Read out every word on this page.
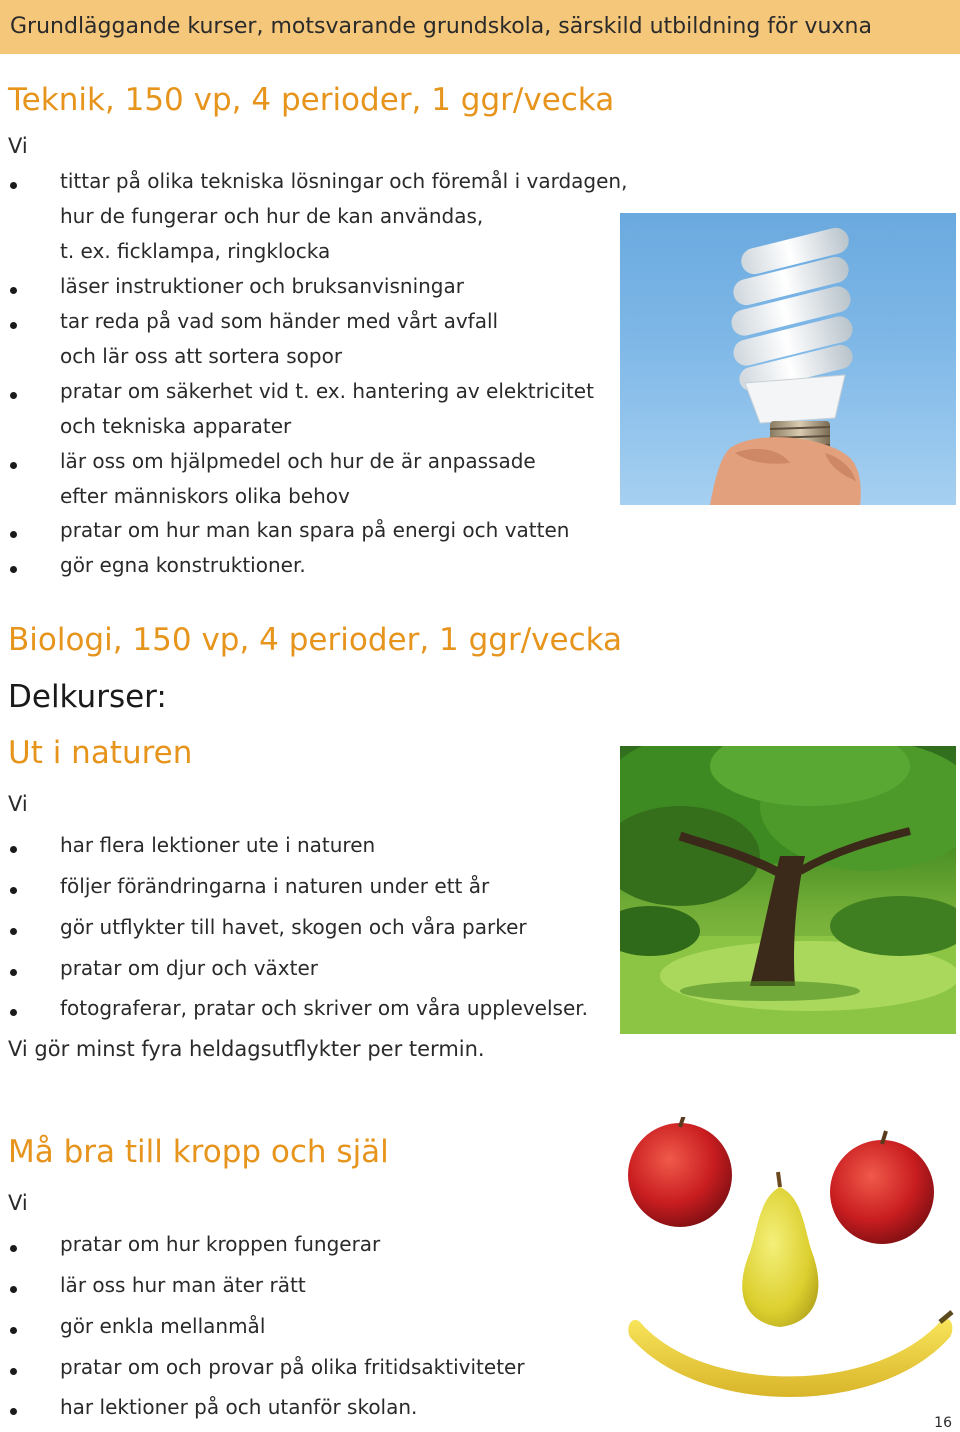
Grundläggande kurser, motsvarande grundskola, särskild utbildning för vuxna
Teknik, 150 vp, 4 perioder, 1 ggr/vecka
Vi
tittar på olika tekniska lösningar och föremål i vardagen,
hur de fungerar och hur de kan användas,
t. ex. ficklampa, ringklocka
läser instruktioner och bruksanvisningar
tar reda på vad som händer med vårt avfall
och lär oss att sortera sopor
pratar om säkerhet vid t. ex. hantering av elektricitet
och tekniska apparater
lär oss om hjälpmedel och hur de är anpassade
efter människors olika behov
pratar om hur man kan spara på energi och vatten
gör egna konstruktioner.
Biologi, 150 vp, 4 perioder, 1 ggr/vecka
Delkurser:
Ut i naturen
Vi
har flera lektioner ute i naturen
följer förändringarna i naturen under ett år
gör utflykter till havet, skogen och våra parker
pratar om djur och växter
fotograferar, pratar och skriver om våra upplevelser.
Vi gör minst fyra heldagsutflykter per termin.
Må bra till kropp och själ
Vi
pratar om hur kroppen fungerar
lär oss hur man äter rätt
gör enkla mellanmål
pratar om och provar på olika fritidsaktiviteter
har lektioner på och utanför skolan.
16
